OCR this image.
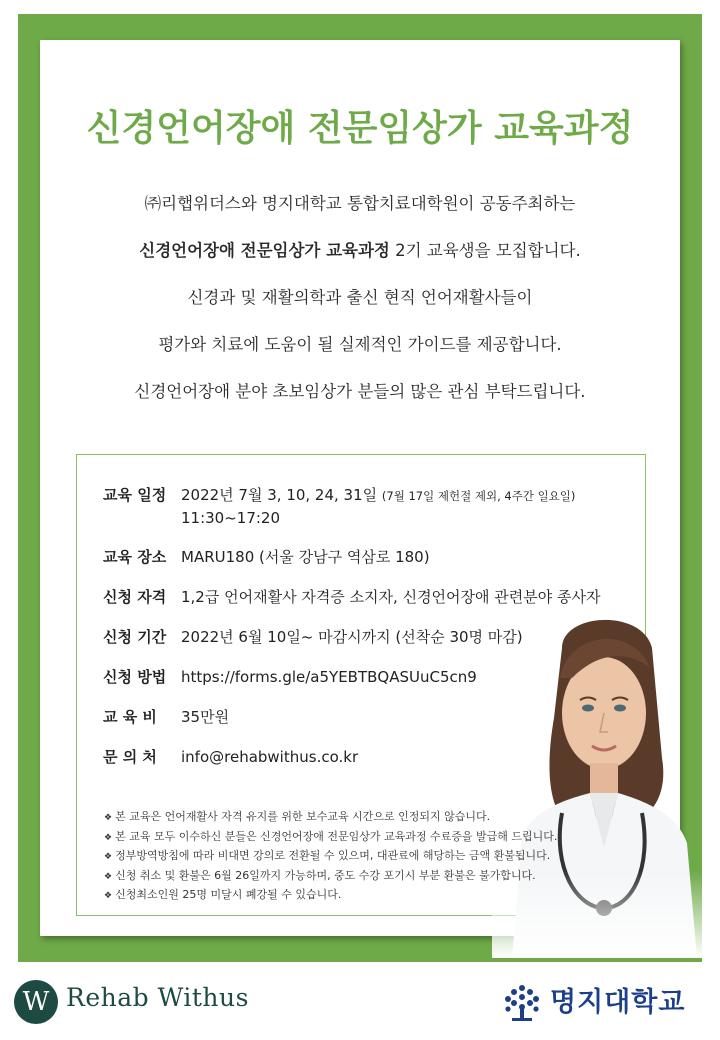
신경언어장애 전문임상가 교육과정
㈜리햅위더스와 명지대학교 통합치료대학원이 공동주최하는
신경언어장애 전문임상가 교육과정 2기 교육생을 모집합니다.
신경과 및 재활의학과 출신 현직 언어재활사들이
평가와 치료에 도움이 될 실제적인 가이드를 제공합니다.
신경언어장애 분야 초보임상가 분들의 많은 관심 부탁드립니다.
교육 일정 2022년 7월 3, 10, 24, 31일 (7월 17일 제헌절 제외, 4주간 일요일)
11:30~17:20
교육 장소 MARU180 (서울 강남구 역삼로 180)
신청 자격 1,2급 언어재활사 자격증 소지자, 신경언어장애 관련분야 종사자
신청 기간 2022년 6월 10일~ 마감시까지 (선착순 30명 마감)
신청 방법 https://forms.gle/a5YEBTBQASUuC5cn9
교 육 비	35만원
문 의 처	info@rehabwithus.co.kr
❖ 본 교육은 언어재활사 자격 유지를 위한 보수교육 시간으로 인정되지 않습니다.
❖ 본 교육 모두 이수하신 분들은 신경언어장애 전문임상가 교육과정 수료증을 발급해 드립니다.
❖ 정부방역방침에 따라 비대면 강의로 전환될 수 있으며, 대관료에 해당하는 금액 환불됩니다.
❖ 신청 취소 및 환불은 6월 26일까지 가능하며, 중도 수강 포기시 부분 환불은 불가합니다.
❖ 신청최소인원 25명 미달시 폐강될 수 있습니다.
W Rehab Withus	명지대학교
